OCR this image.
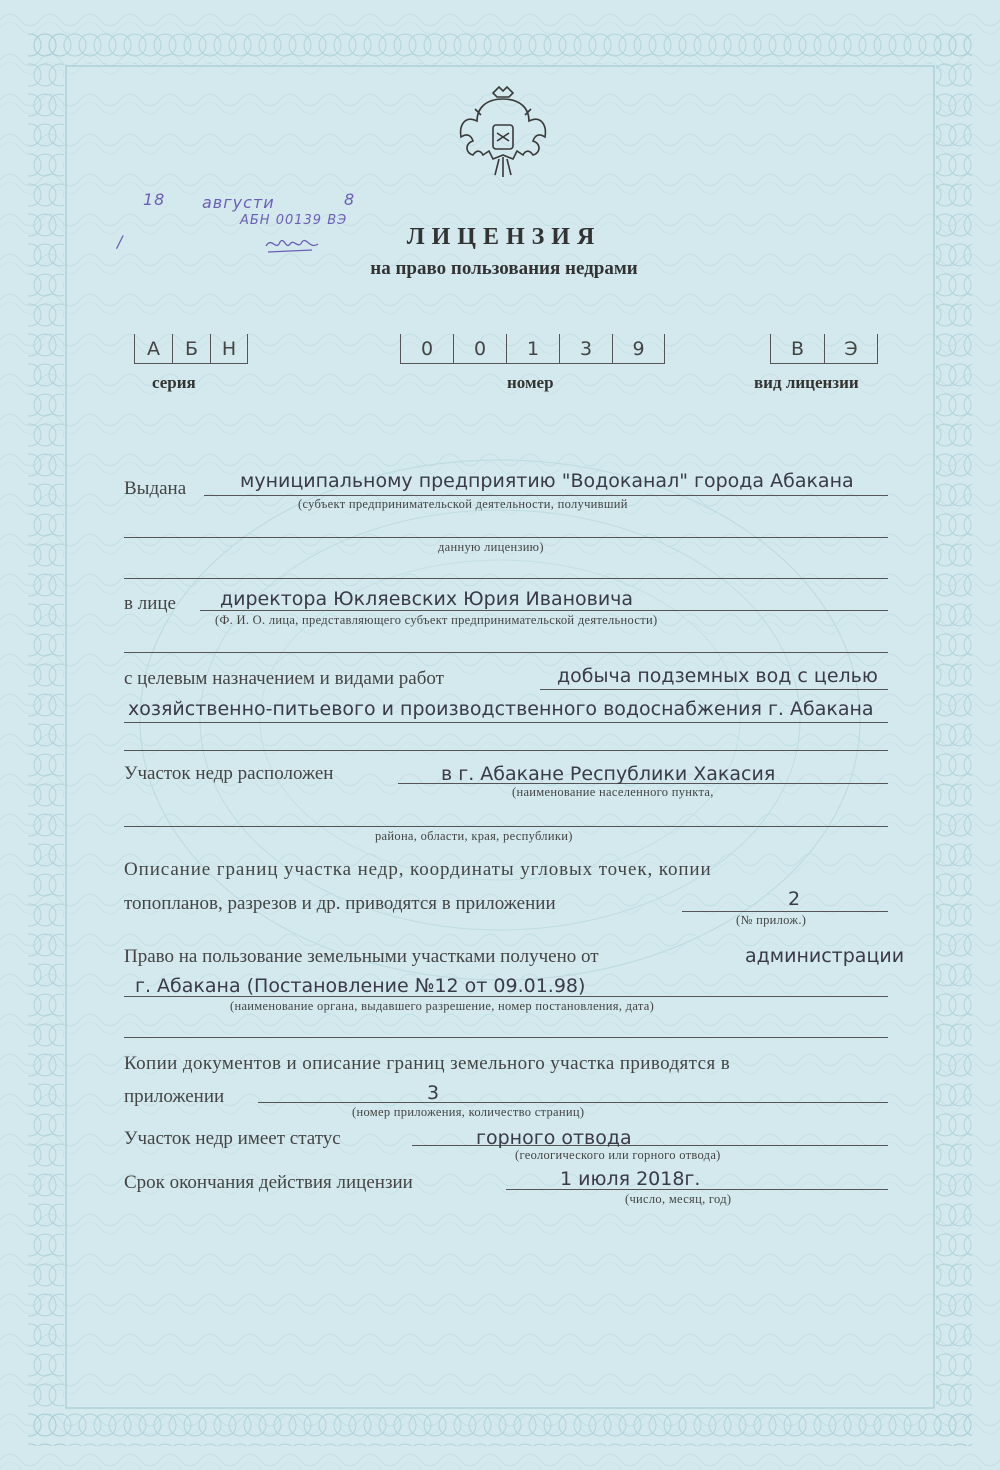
18 августи	8
АБН 00139 ВЭ
/	ЛИЦЕНЗИЯ
на право пользования недрами
А	Б	Н	0	0	1	3	9	В	Э
серия	номер	вид лицензии
Выдана	муниципальному предприятию "Водоканал" города Абакана
(субъект предпринимательской деятельности, получивший
данную лицензию)
в лице директора Юкляевских Юрия Ивановича
(Ф. И. О. лица, представляющего субъект предпринимательской деятельности)
с целевым назначением и видами работ	добыча подземных вод с целью
хозяйственно-питьевого и производственного водоснабжения г. Абакана
Участок недр расположен	в г. Абакане Республики Хакасия
(наименование населенного пункта,
района, области, края, республики)
Описание границ участка недр, координаты угловых точек, копии
топопланов, разрезов и др. приводятся в приложении	2
(№ прилож.)
Право на пользование земельными участками получено от	администрации
г. Абакана (Постановление №12 от 09.01.98)
(наименование органа, выдавшего разрешение, номер постановления, дата)
Копии документов и описание границ земельного участка приводятся в
приложении	3
(номер приложения, количество страниц)
Участок недр имеет статус	горного отвода
(геологического или горного отвода)
Срок окончания действия лицензии	1 июля 2018г.
(число, месяц, год)
